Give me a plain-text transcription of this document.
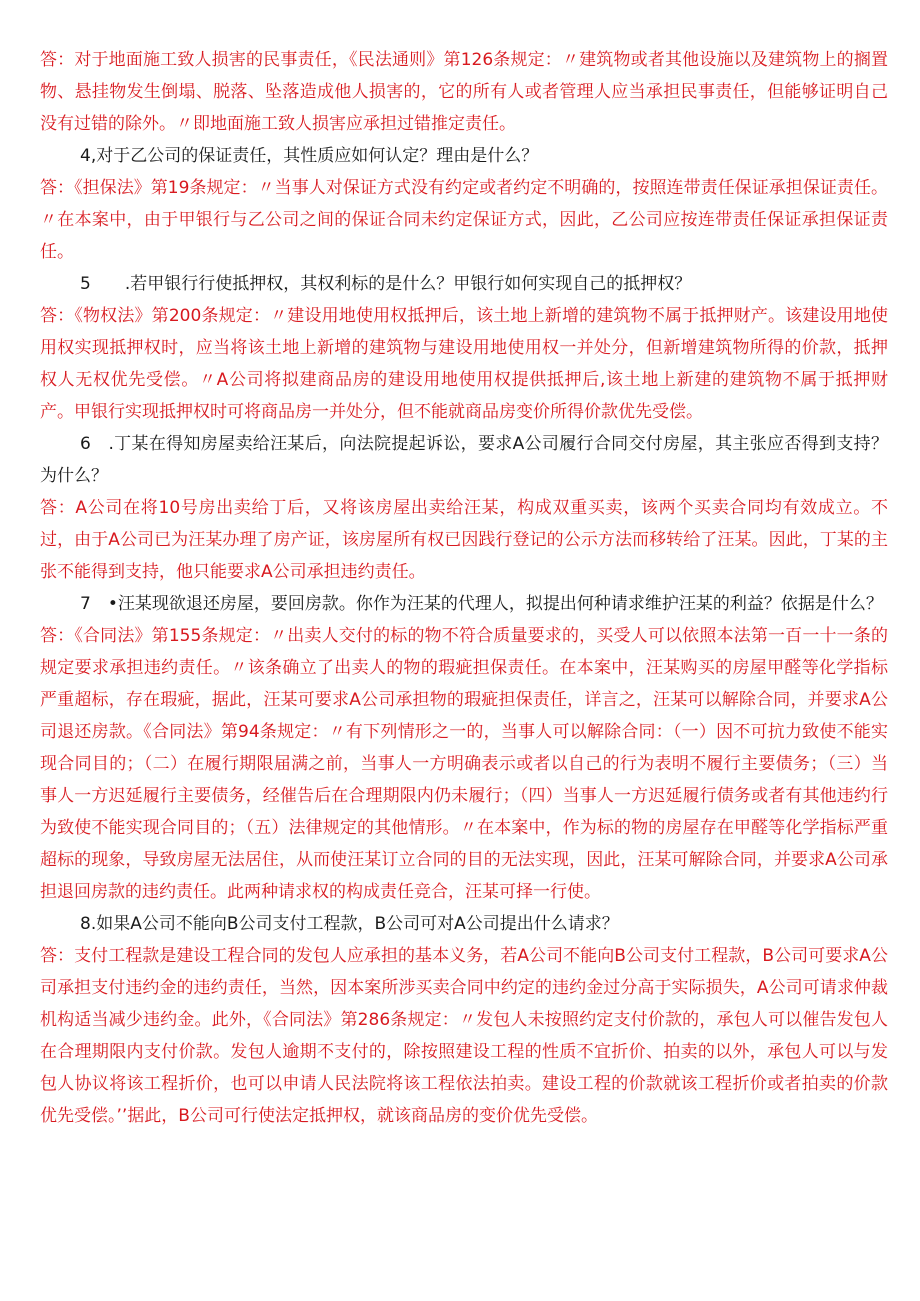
答：对于地面施工致人损害的民事责任，《民法通则》第126条规定：〃建筑物或者其他设施以及建筑物上的搁置物、悬挂物发生倒塌、脱落、坠落造成他人损害的，它的所有人或者管理人应当承担民事责任，但能够证明自己没有过错的除外。〃即地面施工致人损害应承担过错推定责任。

4,对于乙公司的保证责任，其性质应如何认定？理由是什么？

答：《担保法》第19条规定：〃当事人对保证方式没有约定或者约定不明确的，按照连带责任保证承担保证责任。〃在本案中，由于甲银行与乙公司之间的保证合同未约定保证方式，因此，乙公司应按连带责任保证承担保证责任。

5　　.若甲银行行使抵押权，其权利标的是什么？甲银行如何实现自己的抵押权？

答：《物权法》第200条规定：〃建设用地使用权抵押后，该土地上新增的建筑物不属于抵押财产。该建设用地使用权实现抵押权时，应当将该土地上新增的建筑物与建设用地使用权一并处分，但新增建筑物所得的价款，抵押权人无权优先受偿。〃A公司将拟建商品房的建设用地使用权提供抵押后,该土地上新建的建筑物不属于抵押财产。甲银行实现抵押权时可将商品房一并处分，但不能就商品房变价所得价款优先受偿。

6　.丁某在得知房屋卖给汪某后，向法院提起诉讼，要求A公司履行合同交付房屋，其主张应否得到支持？为什么？

答：A公司在将10号房出卖给丁后，又将该房屋出卖给汪某，构成双重买卖，该两个买卖合同均有效成立。不过，由于A公司已为汪某办理了房产证，该房屋所有权已因践行登记的公示方法而移转给了汪某。因此，丁某的主张不能得到支持，他只能要求A公司承担违约责任。

7　•汪某现欲退还房屋，要回房款。你作为汪某的代理人，拟提出何种请求维护汪某的利益？依据是什么？

答：《合同法》第155条规定：〃出卖人交付的标的物不符合质量要求的，买受人可以依照本法第一百一十一条的规定要求承担违约责任。〃该条确立了出卖人的物的瑕疵担保责任。在本案中，汪某购买的房屋甲醛等化学指标严重超标，存在瑕疵，据此，汪某可要求A公司承担物的瑕疵担保责任，详言之，汪某可以解除合同，并要求A公司退还房款。《合同法》第94条规定：〃有下列情形之一的，当事人可以解除合同：（一）因不可抗力致使不能实现合同目的；（二）在履行期限届满之前，当事人一方明确表示或者以自己的行为表明不履行主要债务；（三）当事人一方迟延履行主要债务，经催告后在合理期限内仍未履行；（四）当事人一方迟延履行债务或者有其他违约行为致使不能实现合同目的；（五）法律规定的其他情形。〃在本案中，作为标的物的房屋存在甲醛等化学指标严重超标的现象，导致房屋无法居住，从而使汪某订立合同的目的无法实现，因此，汪某可解除合同，并要求A公司承担退回房款的违约责任。此两种请求权的构成责任竞合，汪某可择一行使。

8.如果A公司不能向B公司支付工程款，B公司可对A公司提出什么请求？

答：支付工程款是建设工程合同的发包人应承担的基本义务，若A公司不能向B公司支付工程款，B公司可要求A公司承担支付违约金的违约责任，当然，因本案所涉买卖合同中约定的违约金过分高于实际损失，A公司可请求仲裁机构适当减少违约金。此外，《合同法》第286条规定：〃发包人未按照约定支付价款的，承包人可以催告发包人在合理期限内支付价款。发包人逾期不支付的，除按照建设工程的性质不宜折价、拍卖的以外，承包人可以与发包人协议将该工程折价，也可以申请人民法院将该工程依法拍卖。建设工程的价款就该工程折价或者拍卖的价款优先受偿。’’据此，B公司可行使法定抵押权，就该商品房的变价优先受偿。
